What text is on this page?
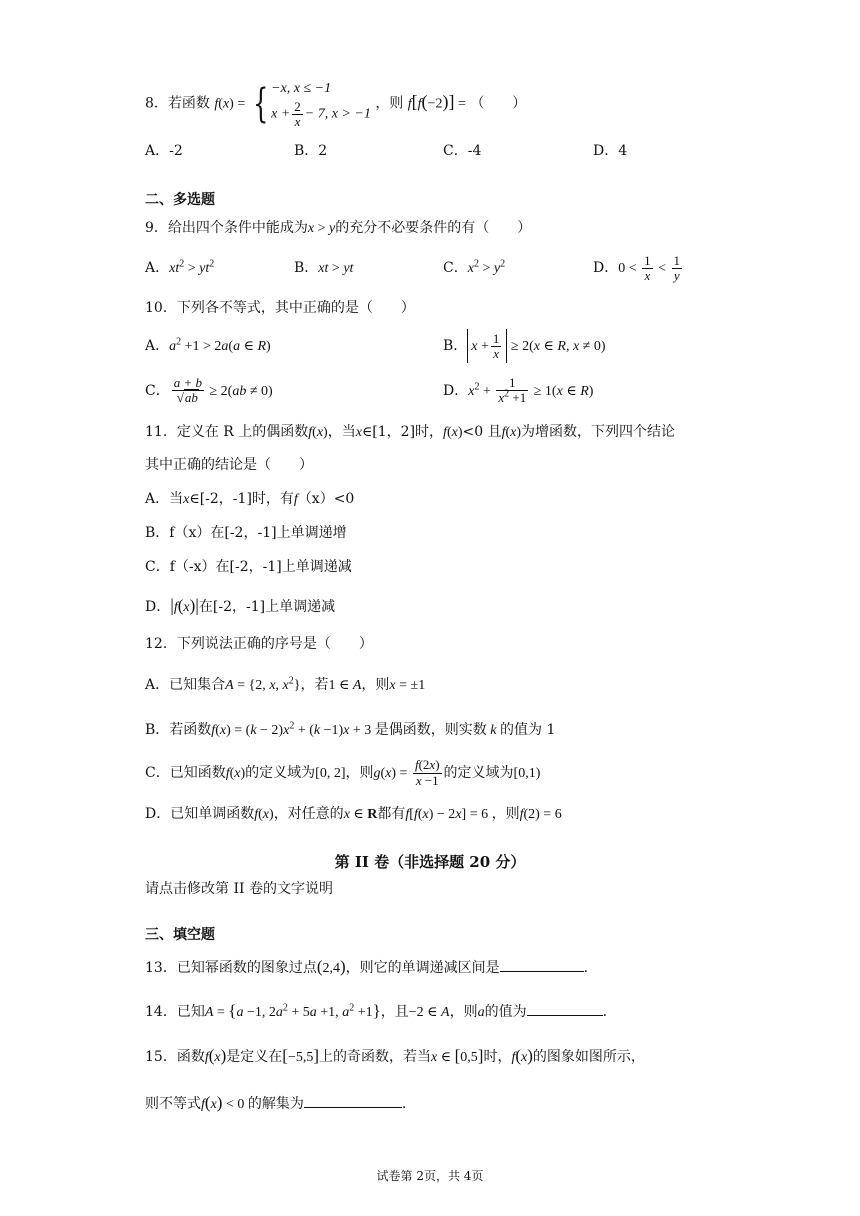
8．若函数 f(x) = { −x, x ≤ −1
$x + \frac{2}{x} - 7$, x > −1
，则 f[f(−2)] = （　　）
A．-2	B．2	C．-4	D．4
二、多选题
9．给出四个条件中能成为x > y的充分不必要条件的有（　　）
A．$xt^2 > yt^2$	B．xt > yt	C．$x^2 > y^2$	D．$0 < \frac{1}{x} < \frac{1}{y}$
10．下列各不等式，其中正确的是（　　）
A．$a^2 +1 > 2a(a$ ∈ R)	B． $x + \frac{1}{x} \ge 2(x$ ∈ R, x ≠ 0)
C． $\frac{a + b}{√ab} \ge 2(ab \ne 0)$	D．$x^2 + \frac{1}{x^2 +1} \ge 1(x$ ∈ R)
11．定义在 R 上的偶函数f(x)，当x∈[1，2]时，f(x)<0 且f(x)为增函数，下列四个结论
其中正确的结论是（　　）
A．当x∈[-2，-1]时，有f（x）<0
B．f（x）在[-2，-1]上单调递增
C．f（-x）在[-2，-1]上单调递减
D．|f(x)|在[-2，-1]上单调递减
12．下列说法正确的序号是（　　）
A．已知集合A = {2, x, $x^2$}，若1 ∈ A，则x = ±1
B．若函数$f(x) = (k - 2)x^2 + (k -1)x + 3$ 是偶函数，则实数 k 的值为 1
C．已知函数f(x)的定义域为[0, 2]，则$g(x) = \frac{f(2x)}{x -1}$ 的定义域为[0,1)
D．已知单调函数f(x)，对任意的x ∈ R都有f[f(x) − 2x] = 6 ，则f(2) = 6
第 II 卷（非选择题 20 分）
请点击修改第 II 卷的文字说明
三、填空题
13．已知幂函数的图象过点(2,4)，则它的单调递减区间是	.
14．已知A = {a −1, $2a^2 + 5a +1$, $a^2 +1$}，且−2 ∈ A，则a的值为	.
15．函数f(x)是定义在[−5,5]上的奇函数，若当x ∈ [0,5]时，f(x)的图象如图所示，
则不等式f(x) < 0 的解集为	.
试卷第 2页，共 4页
